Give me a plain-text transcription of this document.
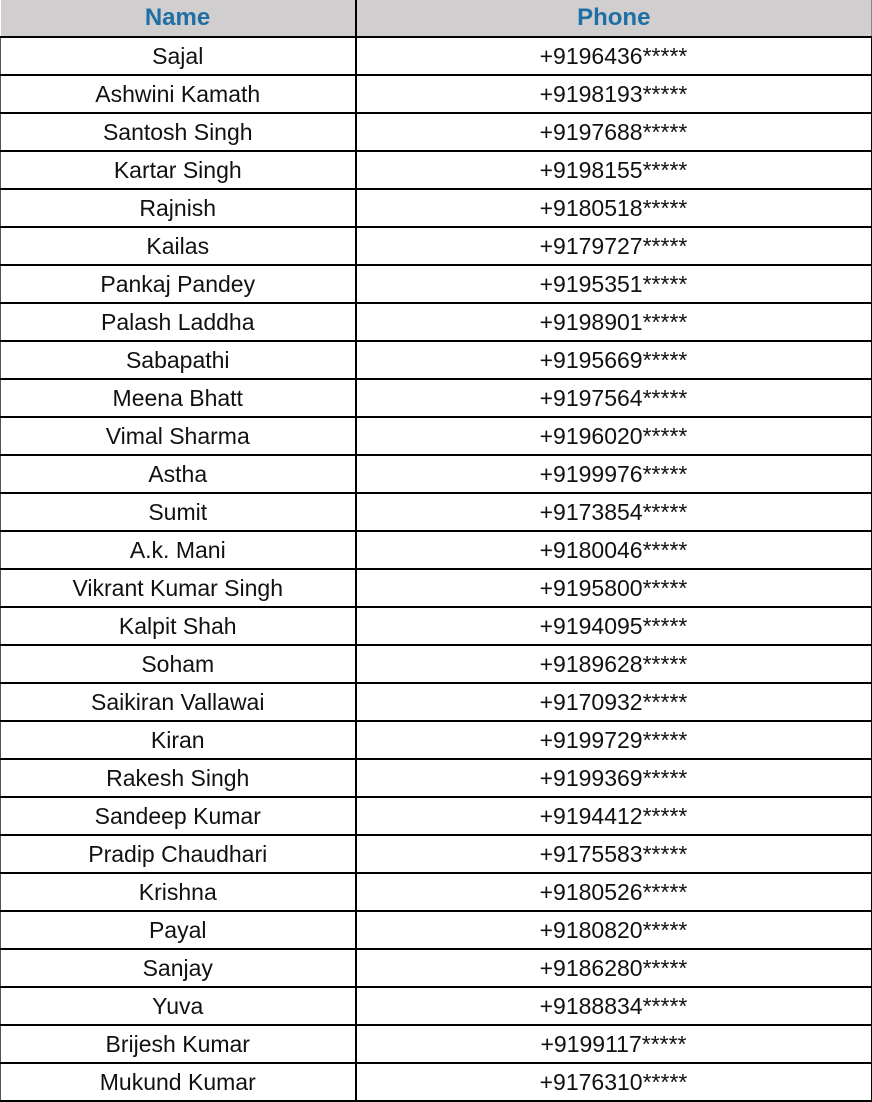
Name	Phone
Sajal	+9196436*****
Ashwini Kamath	+9198193*****
Santosh Singh	+9197688*****
Kartar Singh	+9198155*****
Rajnish	+9180518*****
Kailas	+9179727*****
Pankaj Pandey	+9195351*****
Palash Laddha	+9198901*****
Sabapathi	+9195669*****
Meena Bhatt	+9197564*****
Vimal Sharma	+9196020*****
Astha	+9199976*****
Sumit	+9173854*****
A.k. Mani	+9180046*****
Vikrant Kumar Singh	+9195800*****
Kalpit Shah	+9194095*****
Soham	+9189628*****
Saikiran Vallawai	+9170932*****
Kiran	+9199729*****
Rakesh Singh	+9199369*****
Sandeep Kumar	+9194412*****
Pradip Chaudhari	+9175583*****
Krishna	+9180526*****
Payal	+9180820*****
Sanjay	+9186280*****
Yuva	+9188834*****
Brijesh Kumar	+9199117*****
Mukund Kumar	+9176310*****
